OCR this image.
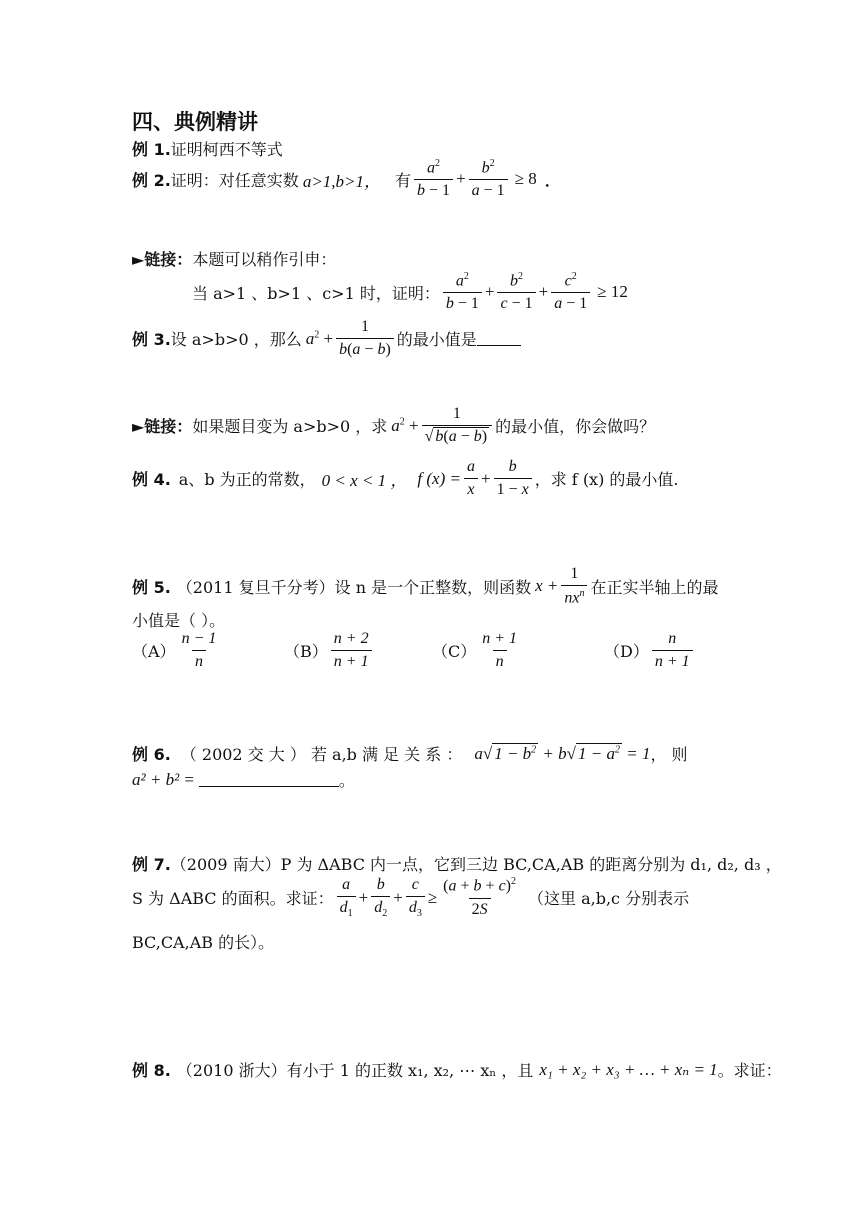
四、典例精讲
例 1. 证明柯西不等式
例 2. 证明：对任意实数 a>1,b>1， 有 $\frac{a^2}{b - 1} + \frac{b^2}{a - 1} \ge 8$ ．
►链接： 本题可以稍作引申：
当 a>1 、b>1 、c>1 时，证明： $\frac{a^2}{b - 1} + \frac{b^2}{c - 1} + \frac{c^2}{a - 1} \ge 12$
例 3. 设 a>b>0 ，那么 $a^2 + \frac{1}{b(a - b)}$ 的最小值是
►链接： 如果题目变为 a>b>0 ，求 $a^2 + \frac{1}{√ b(a - b)}$ 的最小值，你会做吗？
例 4. a、b 为正的常数， 0 < x < 1 ， f $(x) = \frac{a}{x} + \frac{b}{1 - x}$ ，求 f (x) 的最小值.
例 5. （2011 复旦千分考）设 n 是一个正整数，则函数 $x + \frac{1}{nx^n}$ 在正实半轴上的最
小值是（ ）。
$(A) \frac{n - 1}{n}$	$(B) \frac{n + 2}{n + 1}$	$(C) \frac{n + 1}{n}$	$(D) \frac{n}{n + 1}$
例 6. （ 2002 交 大 ） 若 a,b 满 足 关 系 ： a√ $1 - b^2 + b√$ $1 - a^2 = 1$ ， 则
a² + b² =	。
例 7. （2009 南大）P 为 ΔABC 内一点，它到三边 BC,CA,AB 的距离分别为 d₁, d₂, d₃ ，
S 为 ΔABC 的面积。求证： $\frac{a}{d_1} + \frac{b}{d_2} + \frac{c}{d_3} \ge \frac{(a + b + c)^2}{2S}$ （这里 a,b,c 分别表示
BC,CA,AB 的长）。
例 8. （2010 浙大）有小于 1 的正数 x₁, x₂, ⋯ xₙ ，且 x₁ + x₂ + x₃ + … + xₙ = 1 。求证：
